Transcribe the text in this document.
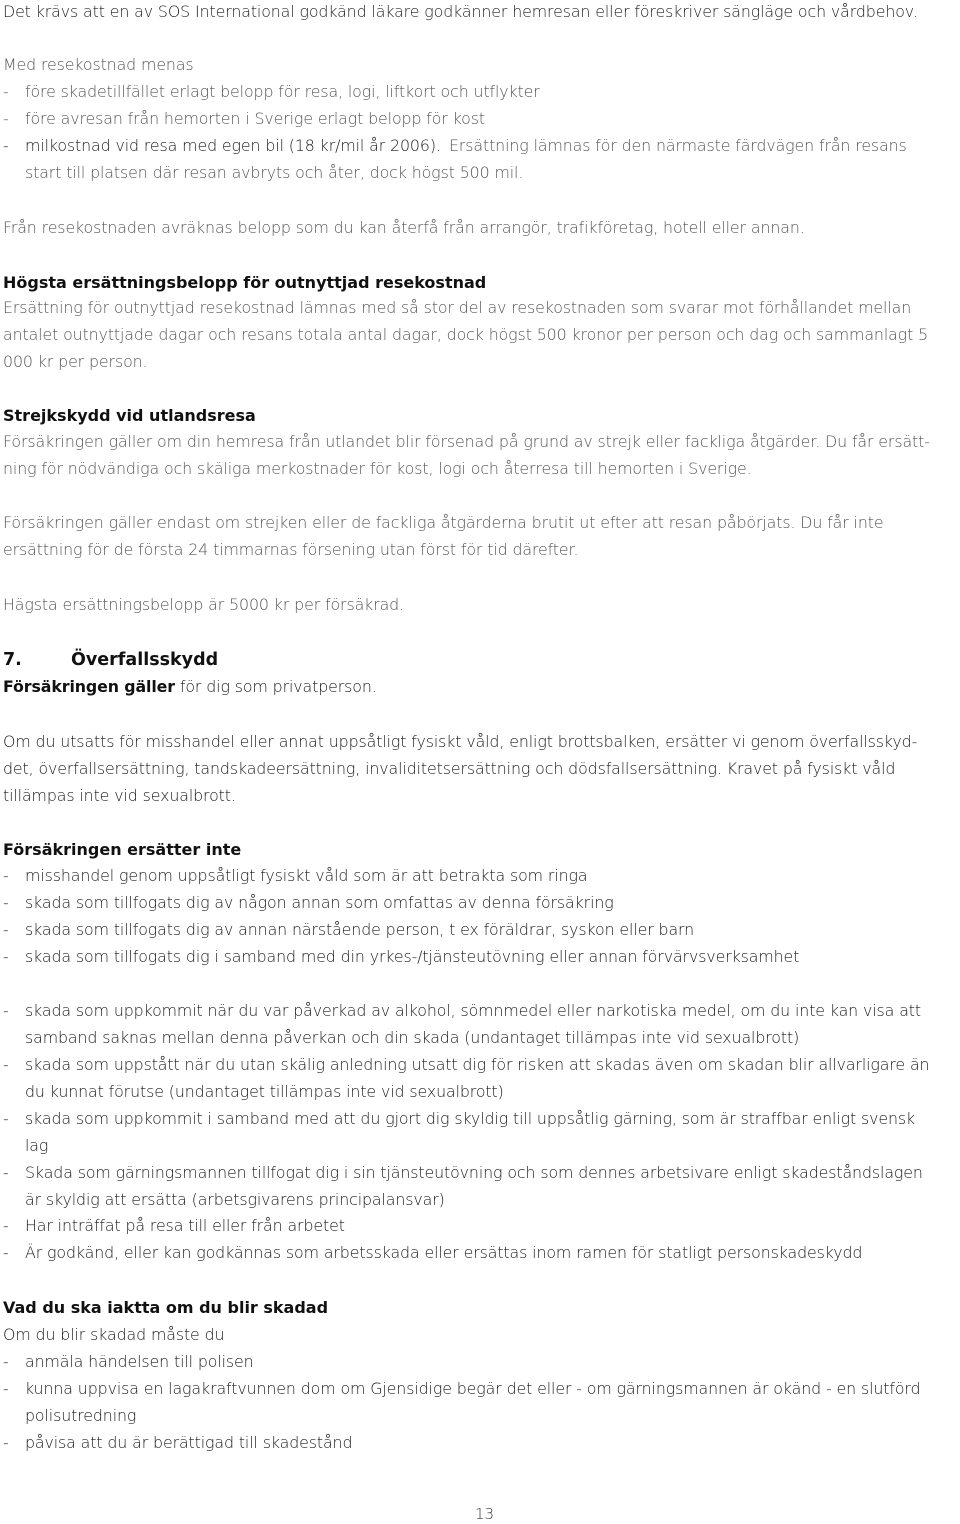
Det krävs att en av SOS International godkänd läkare godkänner hemresan eller föreskriver sängläge och vårdbehov.
Med resekostnad menas
- före skadetillfället erlagt belopp för resa, logi, liftkort och utflykter
- före avresan från hemorten i Sverige erlagt belopp för kost
- milkostnad vid resa med egen bil (18 kr/mil år 2006). Ersättning lämnas för den närmaste färdvägen från resans
start till platsen där resan avbryts och åter, dock högst 500 mil.
Från resekostnaden avräknas belopp som du kan återfå från arrangör, trafikföretag, hotell eller annan.
Högsta ersättningsbelopp för outnyttjad resekostnad
Ersättning för outnyttjad resekostnad lämnas med så stor del av resekostnaden som svarar mot förhållandet mellan
antalet outnyttjade dagar och resans totala antal dagar, dock högst 500 kronor per person och dag och sammanlagt 5
000 kr per person.
Strejkskydd vid utlandsresa
Försäkringen gäller om din hemresa från utlandet blir försenad på grund av strejk eller fackliga åtgärder. Du får ersätt-
ning för nödvändiga och skäliga merkostnader för kost, logi och återresa till hemorten i Sverige.
Försäkringen gäller endast om strejken eller de fackliga åtgärderna brutit ut efter att resan påbörjats. Du får inte
ersättning för de första 24 timmarnas försening utan först för tid därefter.
Hägsta ersättningsbelopp är 5000 kr per försäkrad.
7.	Överfallsskydd
Försäkringen gäller för dig som privatperson.
Om du utsatts för misshandel eller annat uppsåtligt fysiskt våld, enligt brottsbalken, ersätter vi genom överfallsskyd-
det, överfallsersättning, tandskadeersättning, invaliditetsersättning och dödsfallsersättning. Kravet på fysiskt våld
tillämpas inte vid sexualbrott.
Försäkringen ersätter inte
- misshandel genom uppsåtligt fysiskt våld som är att betrakta som ringa
- skada som tillfogats dig av någon annan som omfattas av denna försäkring
- skada som tillfogats dig av annan närstående person, t ex föräldrar, syskon eller barn
- skada som tillfogats dig i samband med din yrkes-/tjänsteutövning eller annan förvärvsverksamhet
- skada som uppkommit när du var påverkad av alkohol, sömnmedel eller narkotiska medel, om du inte kan visa att
samband saknas mellan denna påverkan och din skada (undantaget tillämpas inte vid sexualbrott)
- skada som uppstått när du utan skälig anledning utsatt dig för risken att skadas även om skadan blir allvarligare än
du kunnat förutse (undantaget tillämpas inte vid sexualbrott)
- skada som uppkommit i samband med att du gjort dig skyldig till uppsåtlig gärning, som är straffbar enligt svensk
lag
- Skada som gärningsmannen tillfogat dig i sin tjänsteutövning och som dennes arbetsivare enligt skadeståndslagen
är skyldig att ersätta (arbetsgivarens principalansvar)
- Har inträffat på resa till eller från arbetet
- Är godkänd, eller kan godkännas som arbetsskada eller ersättas inom ramen för statligt personskadeskydd
Vad du ska iaktta om du blir skadad
Om du blir skadad måste du
- anmäla händelsen till polisen
- kunna uppvisa en lagakraftvunnen dom om Gjensidige begär det eller - om gärningsmannen är okänd - en slutförd
polisutredning
- påvisa att du är berättigad till skadestånd
13
